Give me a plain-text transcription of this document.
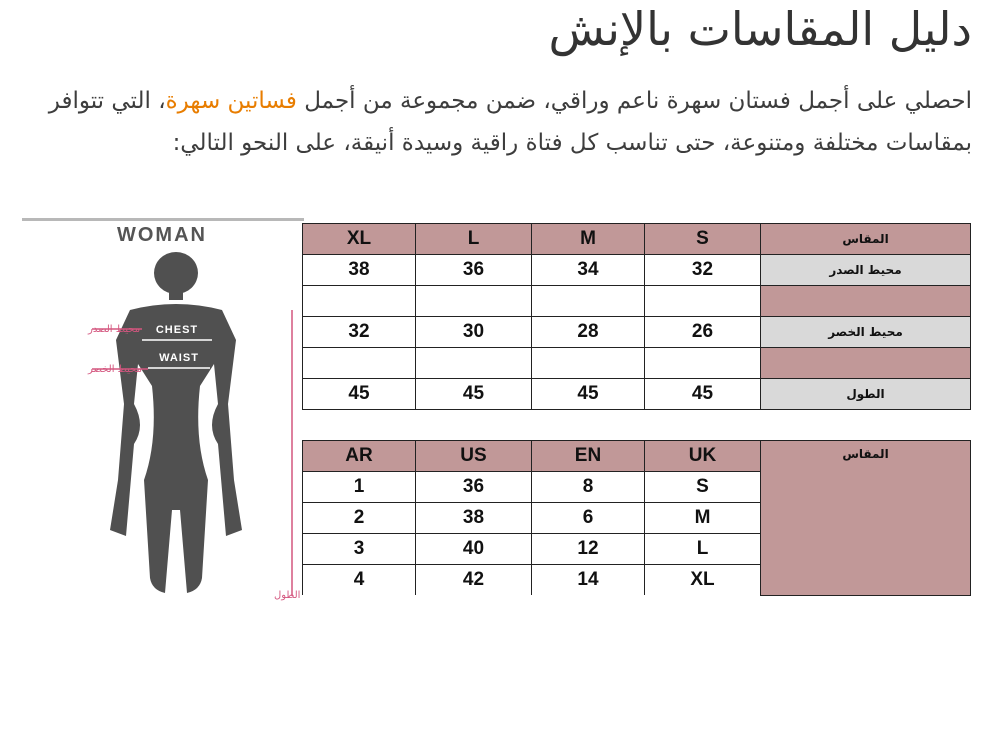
دليل المقاسات بالإنش

احصلي على أجمل فستان سهرة ناعم وراقي، ضمن مجموعة من أجمل فساتين سهرة، التي تتوافر بمقاسات مختلفة ومتنوعة، حتى تناسب كل فتاة راقية وسيدة أنيقة، على النحو التالي:

WOMAN
CHEST
WAIST
محيط الصدر
محيط الخصر
الطول
XL	L	M	S	المقاس
38	36	34	32	محيط الصدر

32	30	28	26	محيط الخصر

45	45	45	45	الطول

AR	US	EN	UK	المقاس
1	36	8	S	
2	38	6	M	
3	40	12	L	
4	42	14	XL	
